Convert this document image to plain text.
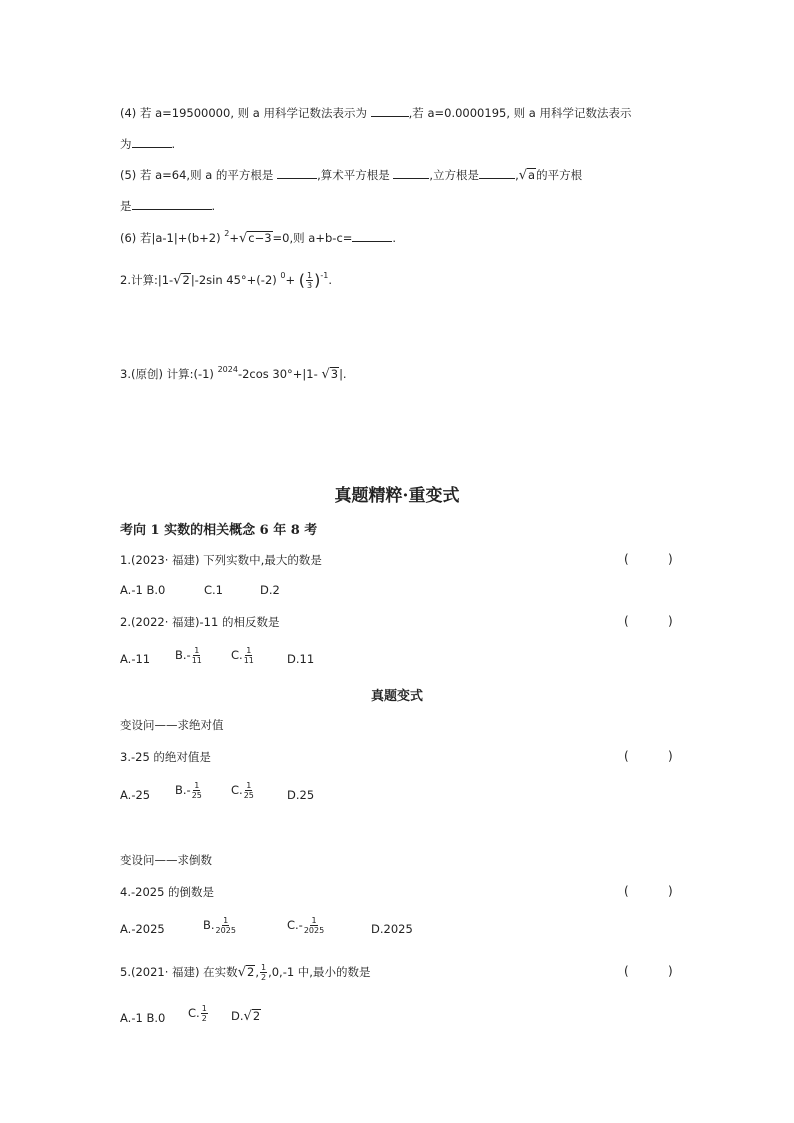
(4) 若 a=19500000, 则 a 用科学记数法表示为	,若 a=0.0000195, 则 a 用科学记数法表示
为	.
(5) 若 a=64,则 a 的平方根是	,算术平方根是	,立方根是	,√a的平方根
是	.
(6) 若|a-1|+(b+2) $^2$+√c−3=0,则 a+b-c=	.
2.计算:|1-√2|-2sin 45°+(-2) $^0$+ ( $\frac{1}{3} )^{-1}$.
3.(原创) 计算:(-1) $^{2024}$-2cos 30°+|1- √3|.
真题精粹·重变式
考向 1 实数的相关概念 6 年 8 考
1.(2023· 福建) 下列实数中,最大的数是	(	)
A.-1 B.0	C.1	D.2
2.(2022· 福建)-11 的相反数是	(	)
A.-11 $B.- \frac{1}{11}$	C. $\frac{1}{11}$	D.11
真题变式
变设问——求绝对值
3.-25 的绝对值是	(	)
A.-25 $B.- \frac{1}{25}$	C. $\frac{1}{25}$	D.25
变设问——求倒数
4.-2025 的倒数是	(	)
A.-2025	B. $\frac{1}{2025}$	$C.- \frac{1}{2025}$	D.2025
5.(2021· 福建) 在实数√2, $\frac{1}{2} ,0,-1$ 中,最小的数是	(	)
A.-1 B.0 C. $\frac{1}{2} D.√2$
